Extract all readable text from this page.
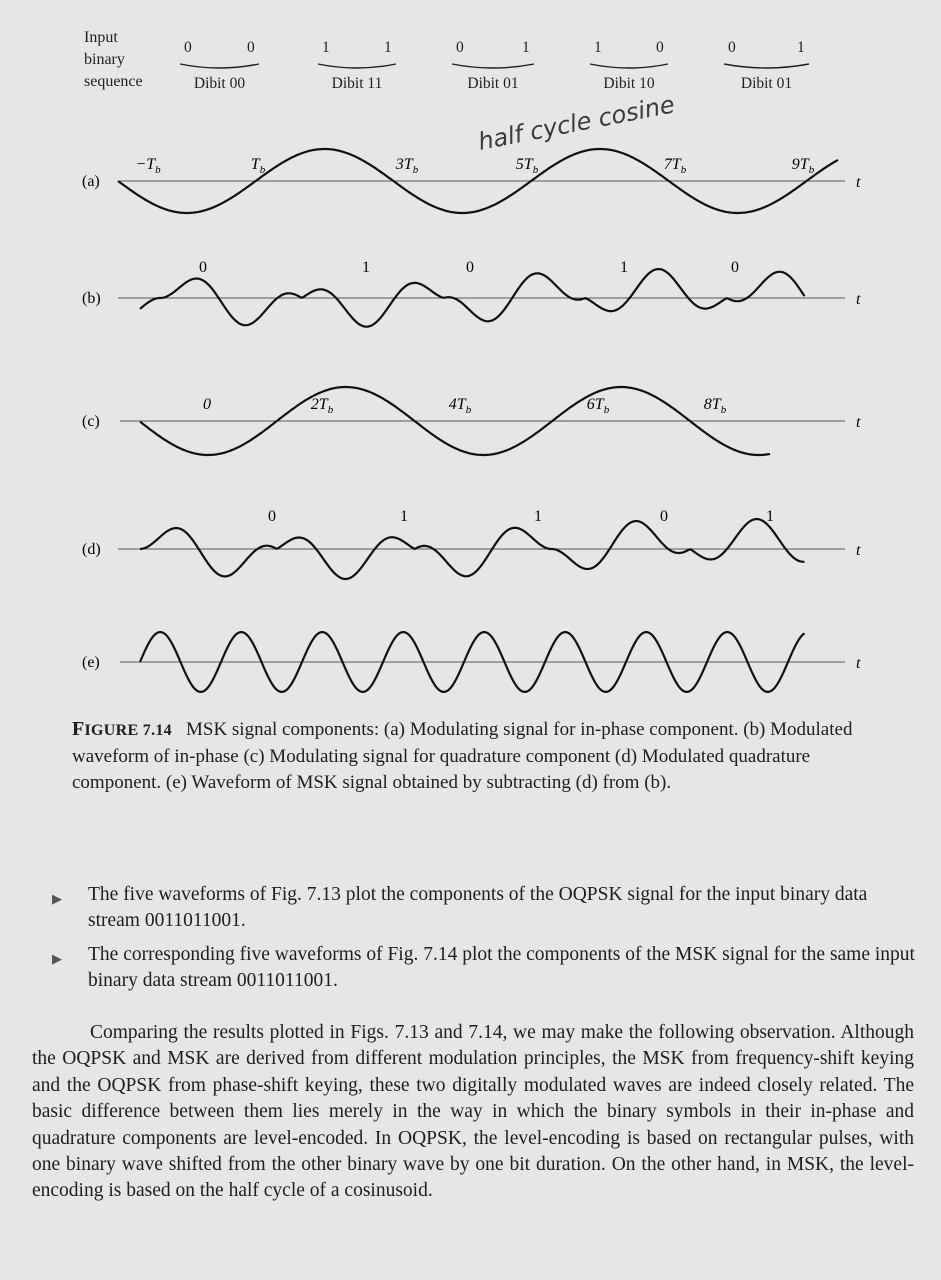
Input
binary
sequence
0	0
Dibit 00
1	1
Dibit 11
0	1
Dibit 01
1	0
Dibit 10
0	1
Dibit 01
(a)	t
$-T_b$	$T_b$	$3T_b$	$5T_b$	$7T_b$	$9T_b$
(b)	t
0	1	0	1	0
(c)	t
0	$2T_b$	$4T_b$	$6T_b$	$8T_b$
(d)	t
0	1	1	0	1
(e)	t
half cycle cosine
FIGURE 7.14 MSK signal components: (a) Modulating signal for in-phase component. (b) Modulated waveform of in-phase (c) Modulating signal for quadrature component (d) Modulated quadrature component. (e) Waveform of MSK signal obtained by subtracting (d) from (b).
▶	The five waveforms of Fig. 7.13 plot the components of the OQPSK signal for the input binary data stream 0011011001.
▶	The corresponding five waveforms of Fig. 7.14 plot the components of the MSK signal for the same input binary data stream 0011011001.
Comparing the results plotted in Figs. 7.13 and 7.14, we may make the following observation. Although the OQPSK and MSK are derived from different modulation principles, the MSK from frequency-shift keying and the OQPSK from phase-shift keying, these two digitally modulated waves are indeed closely related. The basic difference between them lies merely in the way in which the binary symbols in their in-phase and quadrature components are level-encoded. In OQPSK, the level-encoding is based on rectangular pulses, with one binary wave shifted from the other binary wave by one bit duration. On the other hand, in MSK, the level-encoding is based on the half cycle of a cosinusoid.
